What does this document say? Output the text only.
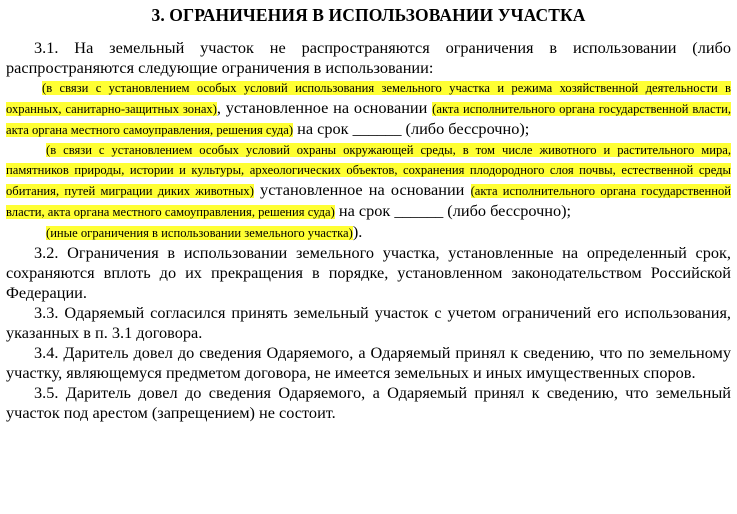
3. ОГРАНИЧЕНИЯ В ИСПОЛЬЗОВАНИИ УЧАСТКА

3.1. На земельный участок не распространяются ограничения в использовании (либо распространяются следующие ограничения в использовании:

(в связи с установлением особых условий использования земельного участка и режима хозяйственной деятельности в охранных, санитарно-защитных зонах), установленное на основании (акта исполнительного органа государственной власти, акта органа местного самоуправления, решения суда) на срок ______ (либо бессрочно);

(в связи с установлением особых условий охраны окружающей среды, в том числе животного и растительного мира, памятников природы, истории и культуры, археологических объектов, сохранения плодородного слоя почвы, естественной среды обитания, путей миграции диких животных) установленное на основании (акта исполнительного органа государственной власти, акта органа местного самоуправления, решения суда) на срок ______ (либо бессрочно);

(иные ограничения в использовании земельного участка)).

3.2. Ограничения в использовании земельного участка, установленные на определенный срок, сохраняются вплоть до их прекращения в порядке, установленном законодательством Российской Федерации.

3.3. Одаряемый согласился принять земельный участок с учетом ограничений его использования, указанных в п. 3.1 договора.

3.4. Даритель довел до сведения Одаряемого, а Одаряемый принял к сведению, что по земельному участку, являющемуся предметом договора, не имеется земельных и иных имущественных споров.

3.5. Даритель довел до сведения Одаряемого, а Одаряемый принял к сведению, что земельный участок под арестом (запрещением) не состоит.
